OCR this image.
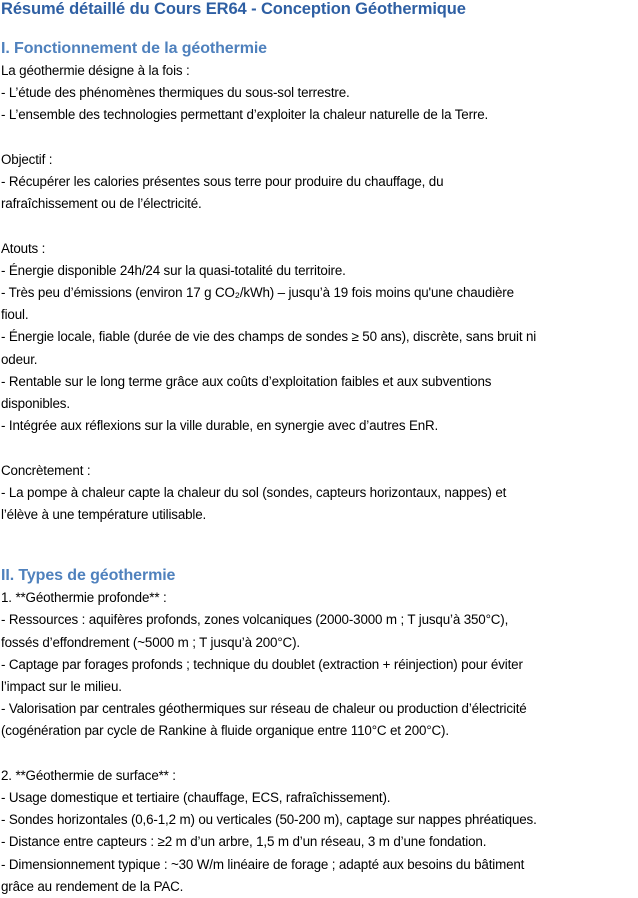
Résumé détaillé du Cours ER64 - Conception Géothermique
I. Fonctionnement de la géothermie
La géothermie désigne à la fois :
- L’étude des phénomènes thermiques du sous-sol terrestre.
- L’ensemble des technologies permettant d’exploiter la chaleur naturelle de la Terre.
Objectif :
- Récupérer les calories présentes sous terre pour produire du chauffage, du
rafraîchissement ou de l’électricité.
Atouts :
- Énergie disponible 24h/24 sur la quasi-totalité du territoire.
- Très peu d’émissions (environ 17 g CO₂/kWh) – jusqu’à 19 fois moins qu'une chaudière
fioul.
- Énergie locale, fiable (durée de vie des champs de sondes ≥ 50 ans), discrète, sans bruit ni
odeur.
- Rentable sur le long terme grâce aux coûts d’exploitation faibles et aux subventions
disponibles.
- Intégrée aux réflexions sur la ville durable, en synergie avec d’autres EnR.
Concrètement :
- La pompe à chaleur capte la chaleur du sol (sondes, capteurs horizontaux, nappes) et
l’élève à une température utilisable.
II. Types de géothermie
1. **Géothermie profonde** :
- Ressources : aquifères profonds, zones volcaniques (2000-3000 m ; T jusqu’à 350°C),
fossés d’effondrement (~5000 m ; T jusqu’à 200°C).
- Captage par forages profonds ; technique du doublet (extraction + réinjection) pour éviter
l’impact sur le milieu.
- Valorisation par centrales géothermiques sur réseau de chaleur ou production d’électricité
(cogénération par cycle de Rankine à fluide organique entre 110°C et 200°C).
2. **Géothermie de surface** :
- Usage domestique et tertiaire (chauffage, ECS, rafraîchissement).
- Sondes horizontales (0,6-1,2 m) ou verticales (50-200 m), captage sur nappes phréatiques.
- Distance entre capteurs : ≥2 m d’un arbre, 1,5 m d’un réseau, 3 m d’une fondation.
- Dimensionnement typique : ~30 W/m linéaire de forage ; adapté aux besoins du bâtiment
grâce au rendement de la PAC.
